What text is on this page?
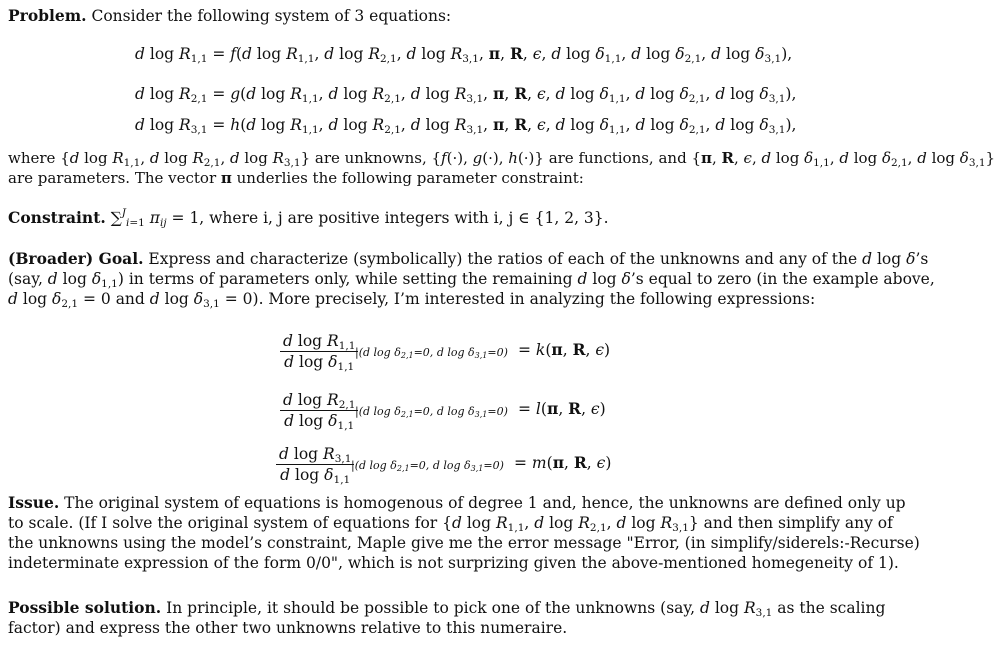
Problem. Consider the following system of 3 equations:

d $\log R_{1,1} = f(d$ $\log R_{1,1}$, d $\log R_{2,1}$, d $\log R_{3,1}$, π, R, ϵ, d $\log \delta_{1,1}$, d $\log \delta_{2,1}$, d $\log \delta_{3,1}$),
d $\log R_{2,1} = g(d$ $\log R_{1,1}$, d $\log R_{2,1}$, d $\log R_{3,1}$, π, R, ϵ, d $\log \delta_{1,1}$, d $\log \delta_{2,1}$, d $\log \delta_{3,1}$),
d $\log R_{3,1} = h(d$ $\log R_{1,1}$, d $\log R_{2,1}$, d $\log R_{3,1}$, π, R, ϵ, d $\log \delta_{1,1}$, d $\log \delta_{2,1}$, d $\log \delta_{3,1}$),

where {d $\log R_{1,1}$, d $\log R_{2,1}$, d $\log R_{3,1}$} are unknowns, {f(·), g(·), h(·)} are functions, and {π, R, ϵ, d $\log \delta_{1,1}$, d $\log \delta_{2,1}$, d $\log \delta_{3,1}$}

are parameters. The vector π underlies the following parameter constraint:

Constraint. ∑$^J_{i=1}$ $\pi_{ij} = 1$, where i, j are positive integers with i, j ∈ {1, 2, 3}.

(Broader) Goal. Express and characterize (symbolically) the ratios of each of the unknowns and any of the d log δ’s

(say, d $\log \delta_{1,1}$) in terms of parameters only, while setting the remaining d log δ’s equal to zero (in the example above,

d $\log \delta_{2,1} = 0$ and d $\log \delta_{3,1} = 0$). More precisely, I’m interested in analyzing the following expressions:

$\frac{d \log R_{1,1}}{d \log \delta_{1,1}}$
|(d $\log \delta_{2,1}=0$, d $\log \delta_{3,1}=0) = k(\pi$, R, ϵ)
$\frac{d \log R_{2,1}}{d \log \delta_{1,1}}$
|(d $\log \delta_{2,1}=0$, d $\log \delta_{3,1}=0) = l(\pi$, R, ϵ)
$\frac{d \log R_{3,1}}{d \log \delta_{1,1}}$
|(d $\log \delta_{2,1}=0$, d $\log \delta_{3,1}=0) = m(\pi$, R, ϵ)

Issue. The original system of equations is homogenous of degree 1 and, hence, the unknowns are defined only up

to scale. (If I solve the original system of equations for {d $\log R_{1,1}$, d $\log R_{2,1}$, d $\log R_{3,1}$} and then simplify any of

the unknowns using the model’s constraint, Maple give me the error message "Error, (in simplify/siderels:-Recurse)

indeterminate expression of the form 0/0", which is not surprizing given the above-mentioned homegeneity of 1).

Possible solution. In principle, it should be possible to pick one of the unknowns (say, d $\log R_{3,1}$ as the scaling

factor) and express the other two unknowns relative to this numeraire.
